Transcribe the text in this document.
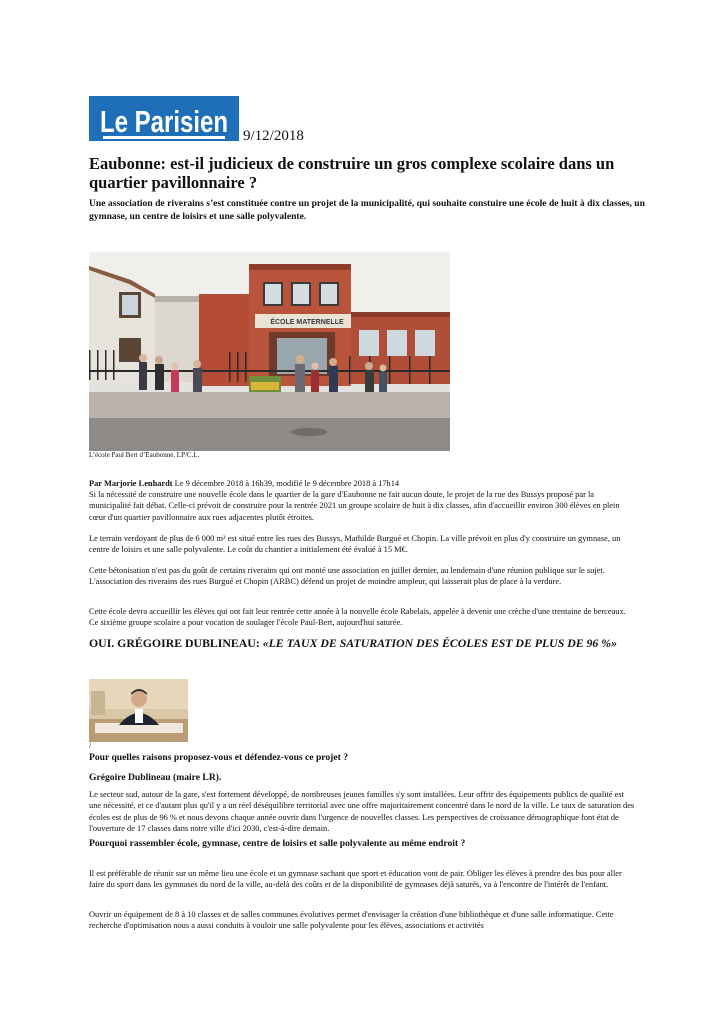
Le Parisien 9/12/2018
Eaubonne: est-il judicieux de construire un gros complexe scolaire dans un quartier pavillonnaire ?
Une association de riverains s’est constituée contre un projet de la municipalité, qui souhaite constuire une école de huit à dix classes, un gymnase, un centre de loisirs et une salle polyvalente.
ÉCOLE MATERNELLE
L’école Paul Bert d’Eaubonne. LP/C.L.
Par Marjorie Lenhardt Le 9 décembre 2018 à 16h39, modifié le 9 décembre 2018 à 17h14

Si la nécessité de construire une nouvelle école dans le quartier de la gare d'Eaubonne ne fait aucun doute, le projet de la rue des Bussys proposé par la municipalité fait débat. Celle-ci prévoit de construire pour la rentrée 2021 un groupe scolaire de huit à dix classes, afin d'accueillir environ 300 élèves en plein cœur d'un quartier pavillonnaire aux rues adjacentes plutôt étroites.

Le terrain verdoyant de plus de 6 000 m² est situé entre les rues des Bussys, Mathilde Burgué et Chopin. La ville prévoit en plus d'y construire un gymnase, un centre de loisirs et une salle polyvalente. Le coût du chantier a initialement été évalué à 15 M€.

Cette bétonisation n'est pas du goût de certains riverains qui ont monté une association en juillet dernier, au lendemain d'une réunion publique sur le sujet. L'association des riverains des rues Burgué et Chopin (ARBC) défend un projet de moindre ampleur, qui laisserait plus de place à la verdure.

Cette école devra accueillir les élèves qui ont fait leur rentrée cette année à la nouvelle école Rabelais, appelée à devenir une crèche d'une trentaine de berceaux. Ce sixième groupe scolaire a pour vocation de soulager l'école Paul-Bert, aujourd'hui saturée.

OUI. GRÉGOIRE DUBLINEAU: «LE TAUX DE SATURATION DES ÉCOLES EST DE PLUS DE 96 %»
/
Pour quelles raisons proposez-vous et défendez-vous ce projet ?
Grégoire Dublineau (maire LR).

Le secteur sud, autour de la gare, s'est fortement développé, de nombreuses jeunes familles s'y sont installées. Leur offrir des équipements publics de qualité est une nécessité, et ce d'autant plus qu'il y a un réel déséquilibre territorial avec une offre majoritairement concentré dans le nord de la ville. Le taux de saturation des écoles est de plus de 96 % et nous devons chaque année ouvrir dans l'urgence de nouvelles classes. Les perspectives de croissance démographique font état de l'ouverture de 17 classes dans notre ville d'ici 2030, c'est-à-dire demain.

Pourquoi rassembler école, gymnase, centre de loisirs et salle polyvalente au même endroit ?

Il est préférable de réunir sur un même lieu une école et un gymnase sachant que sport et éducation vont de pair. Obliger les élèves à prendre des bus pour aller faire du sport dans les gymnases du nord de la ville, au-delà des coûts et de la disponibilité de gymnases déjà saturés, va à l'encontre de l'intérêt de l'enfant.

Ouvrir un équipement de 8 à 10 classes et de salles communes évolutives permet d'envisager la création d'une bibliothèque et d'une salle informatique. Cette recherche d'optimisation nous a aussi conduits à vouloir une salle polyvalente pour les élèves, associations et activités
